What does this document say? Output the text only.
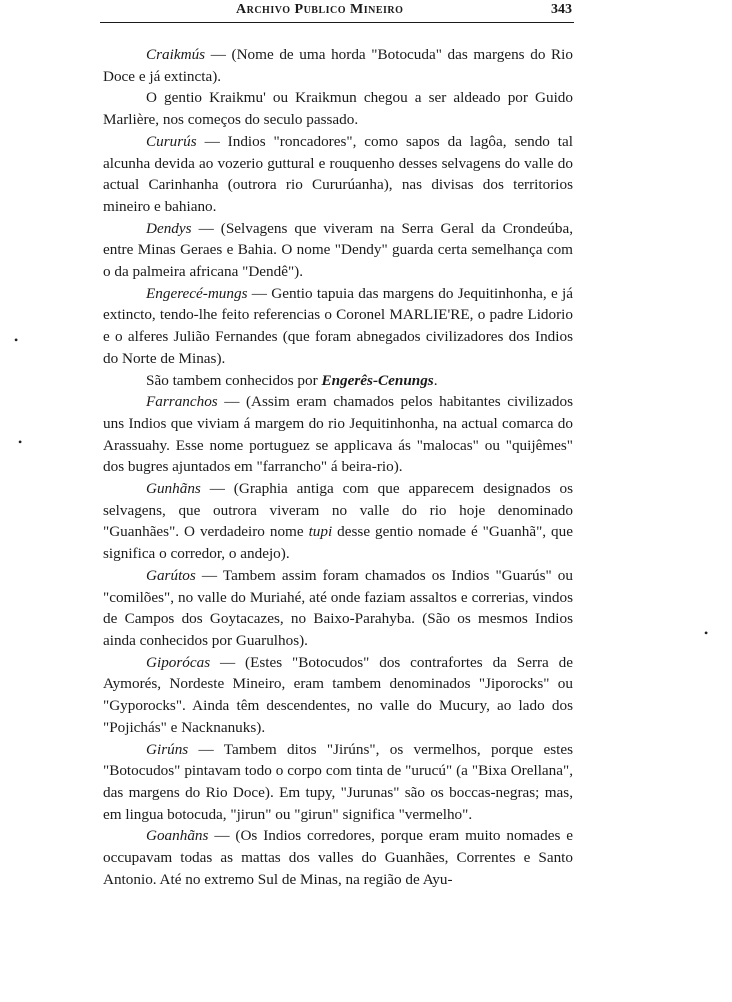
Archivo Publico Mineiro	343

Craikmús — (Nome de uma horda "Botocuda" das margens do Rio Doce e já extincta).

O gentio Kraikmu' ou Kraikmun chegou a ser aldeado por Guido Marlière, nos começos do seculo passado.

Cururús — Indios "roncadores", como sapos da lagôa, sendo tal alcunha devida ao vozerio guttural e rouquenho desses selvagens do valle do actual Carinhanha (outrora rio Cururúanha), nas divisas dos territorios mineiro e bahiano.

Dendys — (Selvagens que viveram na Serra Geral da Crondeúba, entre Minas Geraes e Bahia. O nome "Dendy" guarda certa semelhança com o da palmeira africana "Dendê").

Engerecé-mungs — Gentio tapuia das margens do Jequitinhonha, e já extincto, tendo-lhe feito referencias o Coronel MARLIE'RE, o padre Lidorio e o alferes Julião Fernandes (que foram abnegados civilizadores dos Indios do Norte de Minas).

São tambem conhecidos por Engerês-Cenungs.

Farranchos — (Assim eram chamados pelos habitantes civilizados uns Indios que viviam á margem do rio Jequitinhonha, na actual comarca do Arassuahy. Esse nome portuguez se applicava ás "malocas" ou "quijêmes" dos bugres ajuntados em "farrancho" á beira-rio).

Gunhãns — (Graphia antiga com que apparecem designados os selvagens, que outrora viveram no valle do rio hoje denominado "Guanhães". O verdadeiro nome tupi desse gentio nomade é "Guanhã", que significa o corredor, o andejo).

Garútos — Tambem assim foram chamados os Indios "Guarús" ou "comilões", no valle do Muriahé, até onde faziam assaltos e correrias, vindos de Campos dos Goytacazes, no Baixo-Parahyba. (São os mesmos Indios ainda conhecidos por Guarulhos).

Giporócas — (Estes "Botocudos" dos contrafortes da Serra de Aymorés, Nordeste Mineiro, eram tambem denominados "Jiporocks" ou "Gyporocks". Ainda têm descendentes, no valle do Mucury, ao lado dos "Pojichás" e Nacknanuks).

Girúns — Tambem ditos "Jirúns", os vermelhos, porque estes "Botocudos" pintavam todo o corpo com tinta de "urucú" (a "Bixa Orellana", das margens do Rio Doce). Em tupy, "Jurunas" são os boccas-negras; mas, em lingua botocuda, "jirun" ou "girun" significa "vermelho".

Goanhãns — (Os Indios corredores, porque eram muito nomades e occupavam todas as mattas dos valles do Guanhães, Correntes e Santo Antonio. Até no extremo Sul de Minas, na região de Ayu-

•
•
•
